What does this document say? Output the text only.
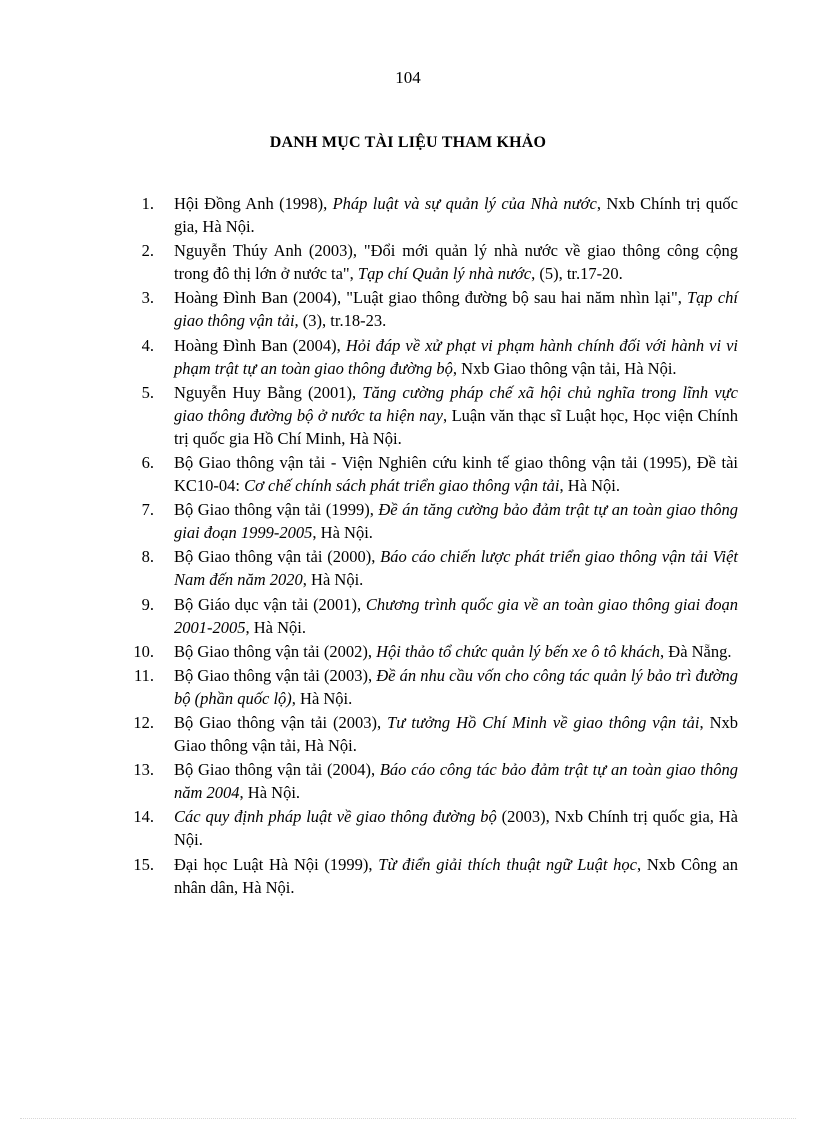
104
DANH MỤC TÀI LIỆU THAM KHẢO
1. Hội Đồng Anh (1998), Pháp luật và sự quản lý của Nhà nước, Nxb Chính trị quốc gia, Hà Nội.
2. Nguyễn Thúy Anh (2003), "Đổi mới quản lý nhà nước về giao thông công cộng trong đô thị lớn ở nước ta", Tạp chí Quản lý nhà nước, (5), tr.17-20.
3. Hoàng Đình Ban (2004), "Luật giao thông đường bộ sau hai năm nhìn lại", Tạp chí giao thông vận tải, (3), tr.18-23.
4. Hoàng Đình Ban (2004), Hỏi đáp về xử phạt vi phạm hành chính đối với hành vi vi phạm trật tự an toàn giao thông đường bộ, Nxb Giao thông vận tải, Hà Nội.
5. Nguyễn Huy Bằng (2001), Tăng cường pháp chế xã hội chủ nghĩa trong lĩnh vực giao thông đường bộ ở nước ta hiện nay, Luận văn thạc sĩ Luật học, Học viện Chính trị quốc gia Hồ Chí Minh, Hà Nội.
6. Bộ Giao thông vận tải - Viện Nghiên cứu kinh tế giao thông vận tải (1995), Đề tài KC10-04: Cơ chế chính sách phát triển giao thông vận tải, Hà Nội.
7. Bộ Giao thông vận tải (1999), Đề án tăng cường bảo đảm trật tự an toàn giao thông giai đoạn 1999-2005, Hà Nội.
8. Bộ Giao thông vận tải (2000), Báo cáo chiến lược phát triển giao thông vận tải Việt Nam đến năm 2020, Hà Nội.
9. Bộ Giáo dục vận tải (2001), Chương trình quốc gia về an toàn giao thông giai đoạn 2001-2005, Hà Nội.
10. Bộ Giao thông vận tải (2002), Hội thảo tổ chức quản lý bến xe ô tô khách, Đà Nẵng.
11. Bộ Giao thông vận tải (2003), Đề án nhu cầu vốn cho công tác quản lý bảo trì đường bộ (phần quốc lộ), Hà Nội.
12. Bộ Giao thông vận tải (2003), Tư tưởng Hồ Chí Minh về giao thông vận tải, Nxb Giao thông vận tải, Hà Nội.
13. Bộ Giao thông vận tải (2004), Báo cáo công tác bảo đảm trật tự an toàn giao thông năm 2004, Hà Nội.
14. Các quy định pháp luật về giao thông đường bộ (2003), Nxb Chính trị quốc gia, Hà Nội.
15. Đại học Luật Hà Nội (1999), Từ điển giải thích thuật ngữ Luật học, Nxb Công an nhân dân, Hà Nội.
